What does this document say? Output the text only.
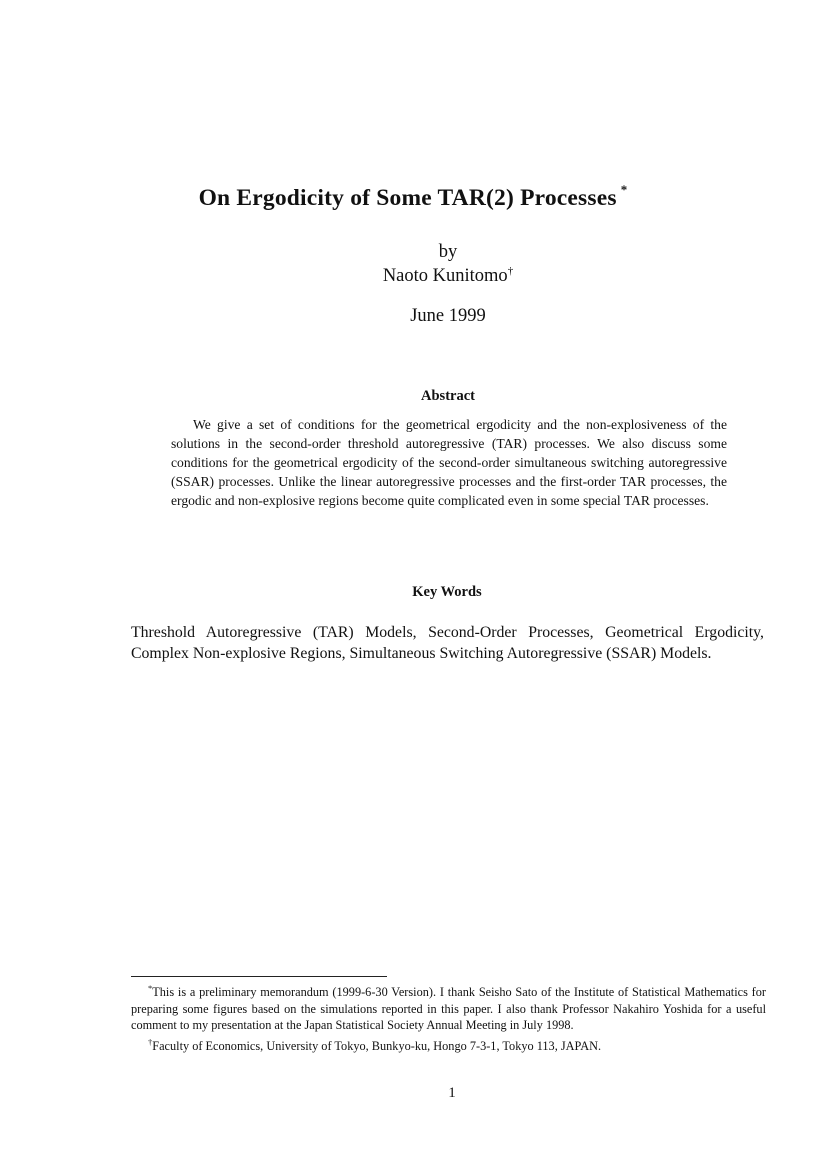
On Ergodicity of Some TAR(2) Processes *
by
Naoto Kunitomo†
June 1999
Abstract
We give a set of conditions for the geometrical ergodicity and the non-explosiveness of the solutions in the second-order threshold autoregressive (TAR) processes. We also discuss some conditions for the geometrical ergodicity of the second-order simultaneous switching autoregressive (SSAR) processes. Unlike the linear autoregressive processes and the first-order TAR processes, the ergodic and non-explosive regions become quite complicated even in some special TAR processes.
Key Words
Threshold Autoregressive (TAR) Models, Second-Order Processes, Geometrical Ergodicity, Complex Non-explosive Regions, Simultaneous Switching Autoregressive (SSAR) Models.

*This is a preliminary memorandum (1999-6-30 Version). I thank Seisho Sato of the Institute of Statistical Mathematics for preparing some figures based on the simulations reported in this paper. I also thank Professor Nakahiro Yoshida for a useful comment to my presentation at the Japan Statistical Society Annual Meeting in July 1998.

†Faculty of Economics, University of Tokyo, Bunkyo-ku, Hongo 7-3-1, Tokyo 113, JAPAN.

1
